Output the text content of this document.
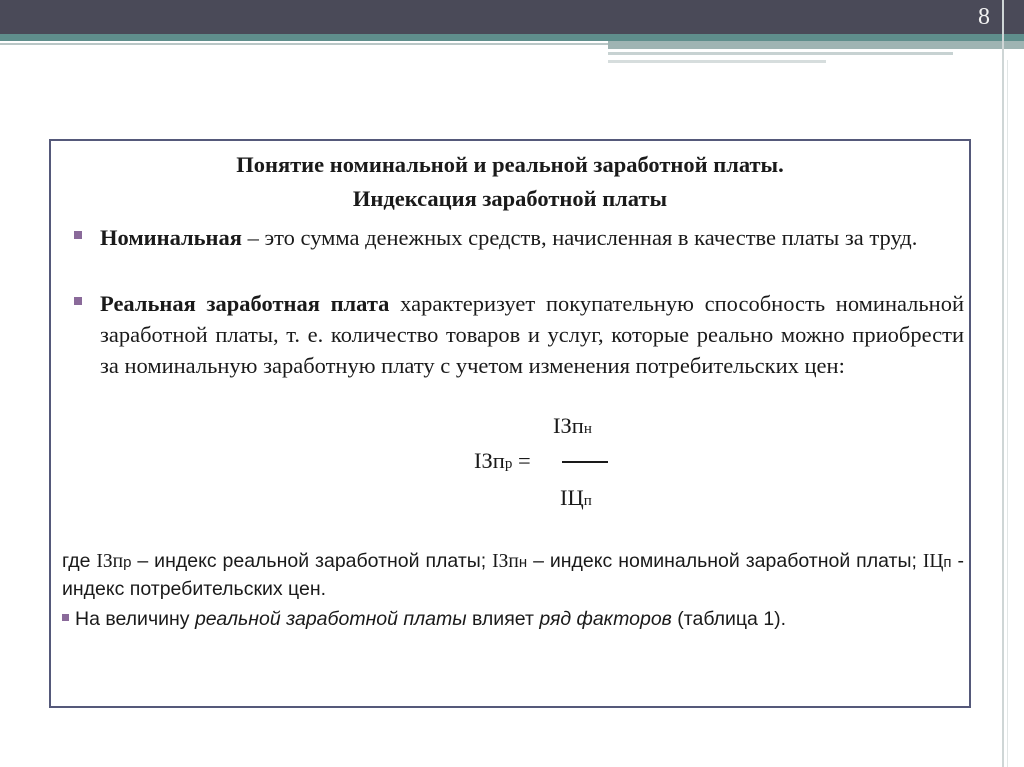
8
Понятие номинальной и реальной заработной платы.
Индексация заработной платы
Номинальная – это сумма денежных средств, начисленная в качестве платы за труд.
Реальная заработная плата характеризует покупательную способность номинальной заработной платы, т. е. количество товаров и услуг, которые реально можно приобрести за номинальную заработную плату с учетом изменения потребительских цен:
IЗпн
IЗпр =
IЦп
где IЗпр – индекс реальной заработной платы; IЗпн – индекс номинальной заработной платы; IЦп - индекс потребительских цен.
На величину реальной заработной платы влияет ряд факторов (таблица 1).
